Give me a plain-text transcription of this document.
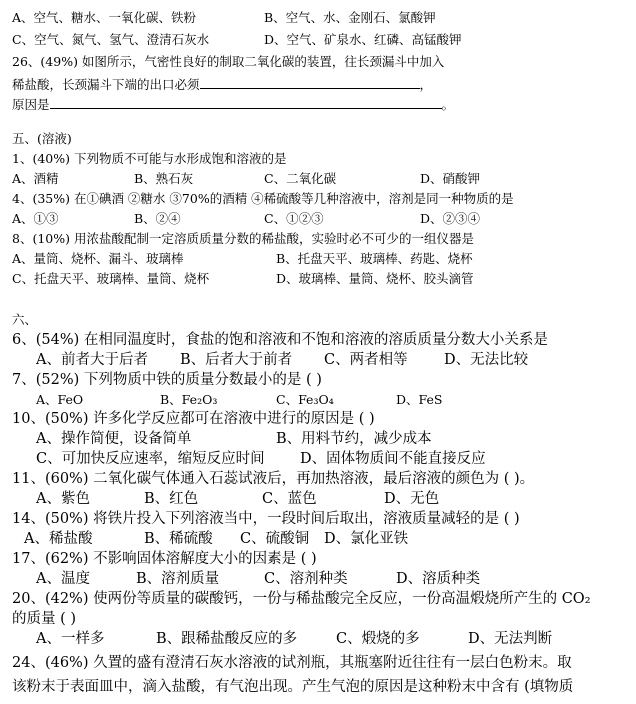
A、空气、糖水、一氧化碳、铁粉	B、空气、水、金刚石、氯酸钾
C、空气、氮气、氢气、澄清石灰水	D、空气、矿泉水、红磷、高锰酸钾
26、(49%) 如图所示，气密性良好的制取二氧化碳的装置，往长颈漏斗中加入
稀盐酸，长颈漏斗下端的出口必须	，
原因是	。
五、(溶液)
1、(40%) 下列物质不可能与水形成饱和溶液的是
A、酒精	B、熟石灰	C、二氧化碳	D、硝酸钾
4、(35%) 在①碘酒 ②糖水 ③70%的酒精 ④稀硫酸等几种溶液中，溶剂是同一种物质的是
A、①③	B、②④	C、①②③	D、②③④
8、(10%) 用浓盐酸配制一定溶质质量分数的稀盐酸，实验时必不可少的一组仪器是
A、量筒、烧杯、漏斗、玻璃棒	B、托盘天平、玻璃棒、药匙、烧杯
C、托盘天平、玻璃棒、量筒、烧杯	D、玻璃棒、量筒、烧杯、胶头滴管
六、
6、(54%) 在相同温度时，食盐的饱和溶液和不饱和溶液的溶质质量分数大小关系是
A、前者大于后者 B、后者大于前者 C、两者相等	D、无法比较
7、(52%) 下列物质中铁的质量分数最小的是 ( )
A、FeO	B、Fe₂O₃	C、Fe₃O₄	D、FeS
10、(50%) 许多化学反应都可在溶液中进行的原因是 ( )
A、操作简便，设备简单	B、用料节约，减少成本
C、可加快反应速率，缩短反应时间 D、固体物质间不能直接反应
11、(60%) 二氧化碳气体通入石蕊试液后，再加热溶液，最后溶液的颜色为 ( )。
A、紫色	B、红色	C、蓝色	D、无色
14、(50%) 将铁片投入下列溶液当中，一段时间后取出，溶液质量减轻的是 ( )
A、稀盐酸	B、稀硫酸 C、硫酸铜 D、氯化亚铁
17、(62%) 不影响固体溶解度大小的因素是 ( )
A、温度	B、溶剂质量	C、溶剂种类	D、溶质种类
20、(42%) 使两份等质量的碳酸钙，一份与稀盐酸完全反应，一份高温煅烧所产生的 CO₂
的质量 ( )
A、一样多	B、跟稀盐酸反应的多	C、煅烧的多	D、无法判断
24、(46%) 久置的盛有澄清石灰水溶液的试剂瓶，其瓶塞附近往往有一层白色粉末。取
该粉末于表面皿中，滴入盐酸，有气泡出现。产生气泡的原因是这种粉末中含有 (填物质
